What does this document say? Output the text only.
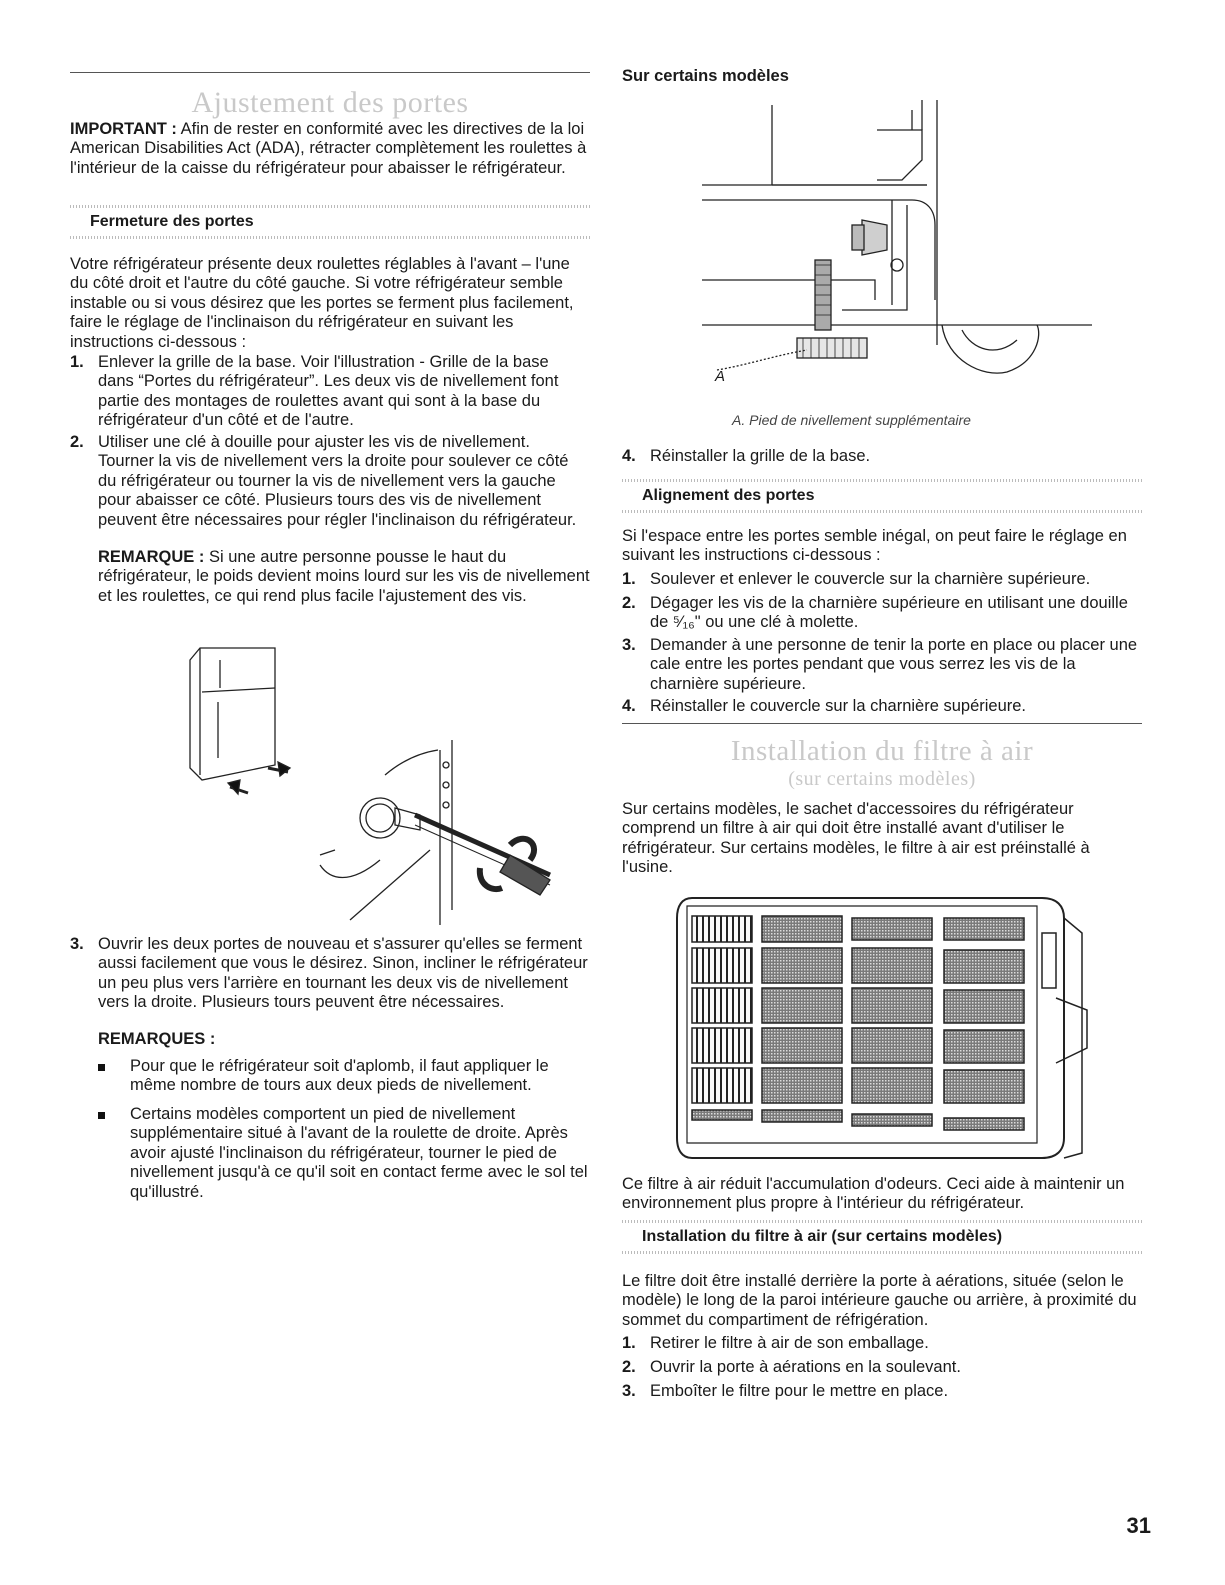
Ajustement des portes

IMPORTANT : Afin de rester en conformité avec les directives de la loi American Disabilities Act (ADA), rétracter complètement les roulettes à l'intérieur de la caisse du réfrigérateur pour abaisser le réfrigérateur.

Fermeture des portes

Votre réfrigérateur présente deux roulettes réglables à l'avant – l'une du côté droit et l'autre du côté gauche. Si votre réfrigérateur semble instable ou si vous désirez que les portes se ferment plus facilement, faire le réglage de l'inclinaison du réfrigérateur en suivant les instructions ci-dessous :

1. Enlever la grille de la base. Voir l'illustration - Grille de la base dans “Portes du réfrigérateur”. Les deux vis de nivellement font partie des montages de roulettes avant qui sont à la base du réfrigérateur d'un côté et de l'autre.
2. Utiliser une clé à douille pour ajuster les vis de nivellement. Tourner la vis de nivellement vers la droite pour soulever ce côté du réfrigérateur ou tourner la vis de nivellement vers la gauche pour abaisser ce côté. Plusieurs tours des vis de nivellement peuvent être nécessaires pour régler l'inclinaison du réfrigérateur.

REMARQUE : Si une autre personne pousse le haut du réfrigérateur, le poids devient moins lourd sur les vis de nivellement et les roulettes, ce qui rend plus facile l'ajustement des vis.

3. Ouvrir les deux portes de nouveau et s'assurer qu'elles se ferment aussi facilement que vous le désirez. Sinon, incliner le réfrigérateur un peu plus vers l'arrière en tournant les deux vis de nivellement vers la droite. Plusieurs tours peuvent être nécessaires.
REMARQUES :
Pour que le réfrigérateur soit d'aplomb, il faut appliquer le même nombre de tours aux deux pieds de nivellement.
Certains modèles comportent un pied de nivellement supplémentaire situé à l'avant de la roulette de droite. Après avoir ajusté l'inclinaison du réfrigérateur, tourner le pied de nivellement jusqu'à ce qu'il soit en contact ferme avec le sol tel qu'illustré.
Sur certains modèles
A
A. Pied de nivellement supplémentaire
4. Réinstaller la grille de la base.
Alignement des portes

Si l'espace entre les portes semble inégal, on peut faire le réglage en suivant les instructions ci-dessous :

1. Soulever et enlever le couvercle sur la charnière supérieure.
2. Dégager les vis de la charnière supérieure en utilisant une douille de ⁵⁄₁₆" ou une clé à molette.
3. Demander à une personne de tenir la porte en place ou placer une cale entre les portes pendant que vous serrez les vis de la charnière supérieure.
4. Réinstaller le couvercle sur la charnière supérieure.
Installation du filtre à air
(sur certains modèles)

Sur certains modèles, le sachet d'accessoires du réfrigérateur comprend un filtre à air qui doit être installé avant d'utiliser le réfrigérateur. Sur certains modèles, le filtre à air est préinstallé à l'usine.

Ce filtre à air réduit l'accumulation d'odeurs. Ceci aide à maintenir un environnement plus propre à l'intérieur du réfrigérateur.

Installation du filtre à air (sur certains modèles)

Le filtre doit être installé derrière la porte à aérations, située (selon le modèle) le long de la paroi intérieure gauche ou arrière, à proximité du sommet du compartiment de réfrigération.

1. Retirer le filtre à air de son emballage.
2. Ouvrir la porte à aérations en la soulevant.
3. Emboîter le filtre pour le mettre en place.
31
